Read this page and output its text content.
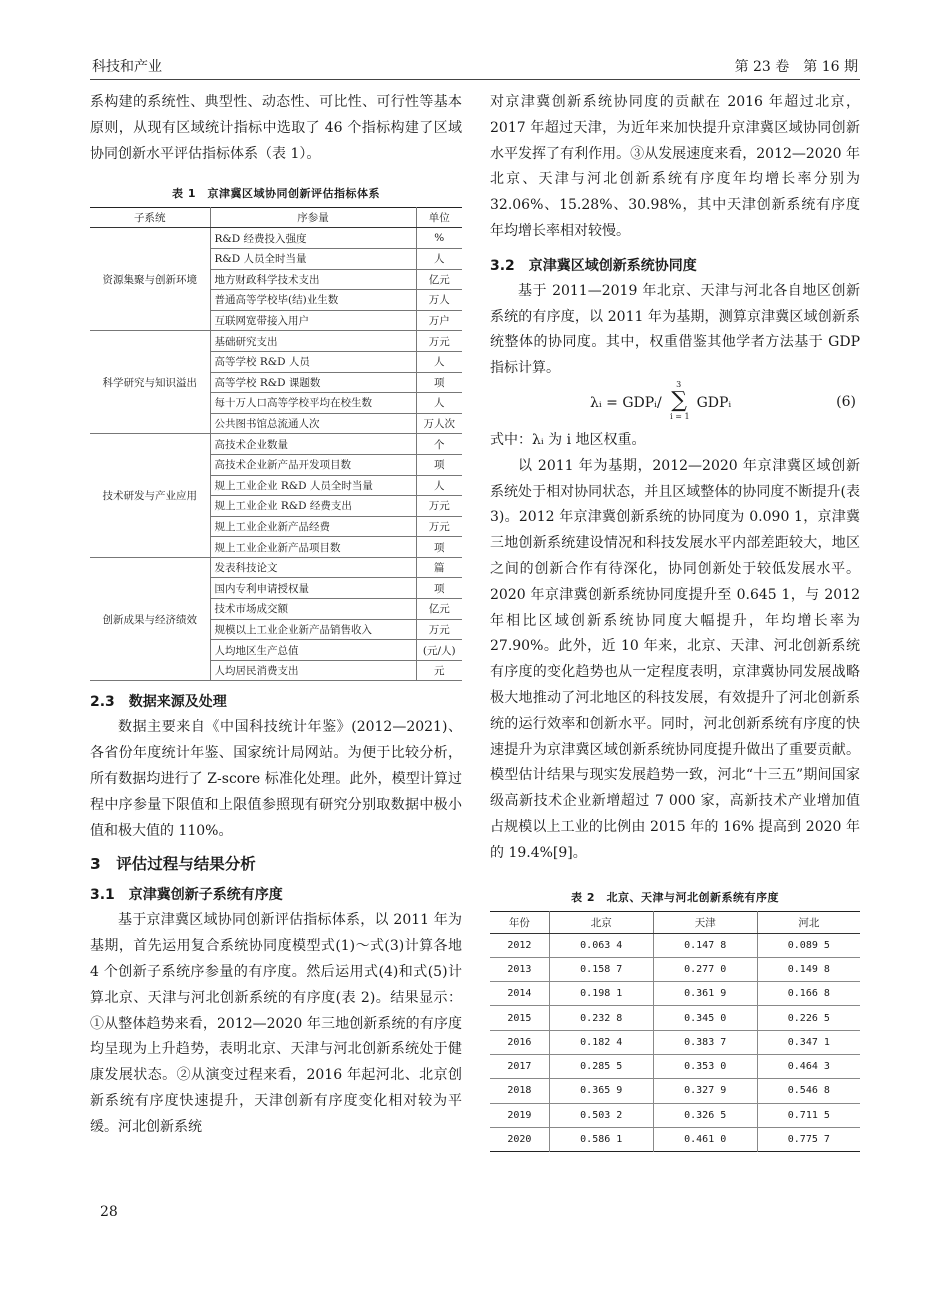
科技和产业	第 23 卷　第 16 期

系构建的系统性、典型性、动态性、可比性、可行性等基本原则，从现有区域统计指标中选取了 46 个指标构建了区域协同创新水平评估指标体系（表 1）。

表 1　京津冀区域协同创新评估指标体系
子系统	序参量	单位
资源集聚与创新环境	R&D 经费投入强度	%
	R&D 人员全时当量	人
	地方财政科学技术支出	亿元
	普通高等学校毕(结)业生数	万人
	互联网宽带接入用户	万户
科学研究与知识溢出	基础研究支出	万元
	高等学校 R&D 人员	人
	高等学校 R&D 课题数	项
	每十万人口高等学校平均在校生数	人
	公共图书馆总流通人次	万人次
技术研发与产业应用	高技术企业数量	个
	高技术企业新产品开发项目数	项
	规上工业企业 R&D 人员全时当量	人
	规上工业企业 R&D 经费支出	万元
	规上工业企业新产品经费	万元
	规上工业企业新产品项目数	项
创新成果与经济绩效	发表科技论文	篇
	国内专利申请授权量	项
	技术市场成交额	亿元
	规模以上工业企业新产品销售收入	万元
	人均地区生产总值	(元/人)
	人均居民消费支出	元
2.3　数据来源及处理

数据主要来自《中国科技统计年鉴》(2012—2021)、各省份年度统计年鉴、国家统计局网站。为便于比较分析，所有数据均进行了 Z-score 标准化处理。此外，模型计算过程中序参量下限值和上限值参照现有研究分别取数据中极小值和极大值的 110%。

3　评估过程与结果分析
3.1　京津冀创新子系统有序度

基于京津冀区域协同创新评估指标体系，以 2011 年为基期，首先运用复合系统协同度模型式(1)～式(3)计算各地 4 个创新子系统序参量的有序度。然后运用式(4)和式(5)计算北京、天津与河北创新系统的有序度(表 2)。结果显示：①从整体趋势来看，2012—2020 年三地创新系统的有序度均呈现为上升趋势，表明北京、天津与河北创新系统处于健康发展状态。②从演变过程来看，2016 年起河北、北京创新系统有序度快速提升，天津创新有序度变化相对较为平缓。河北创新系统

对京津冀创新系统协同度的贡献在 2016 年超过北京，2017 年超过天津，为近年来加快提升京津冀区域协同创新水平发挥了有利作用。③从发展速度来看，2012—2020 年北京、天津与河北创新系统有序度年均增长率分别为 32.06%、15.28%、30.98%，其中天津创新系统有序度年均增长率相对较慢。

3.2　京津冀区域创新系统协同度

基于 2011—2019 年北京、天津与河北各自地区创新系统的有序度，以 2011 年为基期，测算京津冀区域创新系统整体的协同度。其中，权重借鉴其他学者方法基于 GDP 指标计算。

λᵢ = GDPᵢ/
3
∑
i = 1
GDPᵢ	(6)

式中：λᵢ 为 i 地区权重。

以 2011 年为基期，2012—2020 年京津冀区域创新系统处于相对协同状态，并且区域整体的协同度不断提升(表 3)。2012 年京津冀创新系统的协同度为 0.090 1，京津冀三地创新系统建设情况和科技发展水平内部差距较大，地区之间的创新合作有待深化，协同创新处于较低发展水平。2020 年京津冀创新系统协同度提升至 0.645 1，与 2012 年相比区域创新系统协同度大幅提升，年均增长率为 27.90%。此外，近 10 年来，北京、天津、河北创新系统有序度的变化趋势也从一定程度表明，京津冀协同发展战略极大地推动了河北地区的科技发展，有效提升了河北创新系统的运行效率和创新水平。同时，河北创新系统有序度的快速提升为京津冀区域创新系统协同度提升做出了重要贡献。模型估计结果与现实发展趋势一致，河北“十三五”期间国家级高新技术企业新增超过 7 000 家，高新技术产业增加值占规模以上工业的比例由 2015 年的 16% 提高到 2020 年的 19.4%[9]。

表 2　北京、天津与河北创新系统有序度
年份	北京	天津	河北
2012	0.063 4	0.147 8	0.089 5
2013	0.158 7	0.277 0	0.149 8
2014	0.198 1	0.361 9	0.166 8
2015	0.232 8	0.345 0	0.226 5
2016	0.182 4	0.383 7	0.347 1
2017	0.285 5	0.353 0	0.464 3
2018	0.365 9	0.327 9	0.546 8
2019	0.503 2	0.326 5	0.711 5
2020	0.586 1	0.461 0	0.775 7
28
